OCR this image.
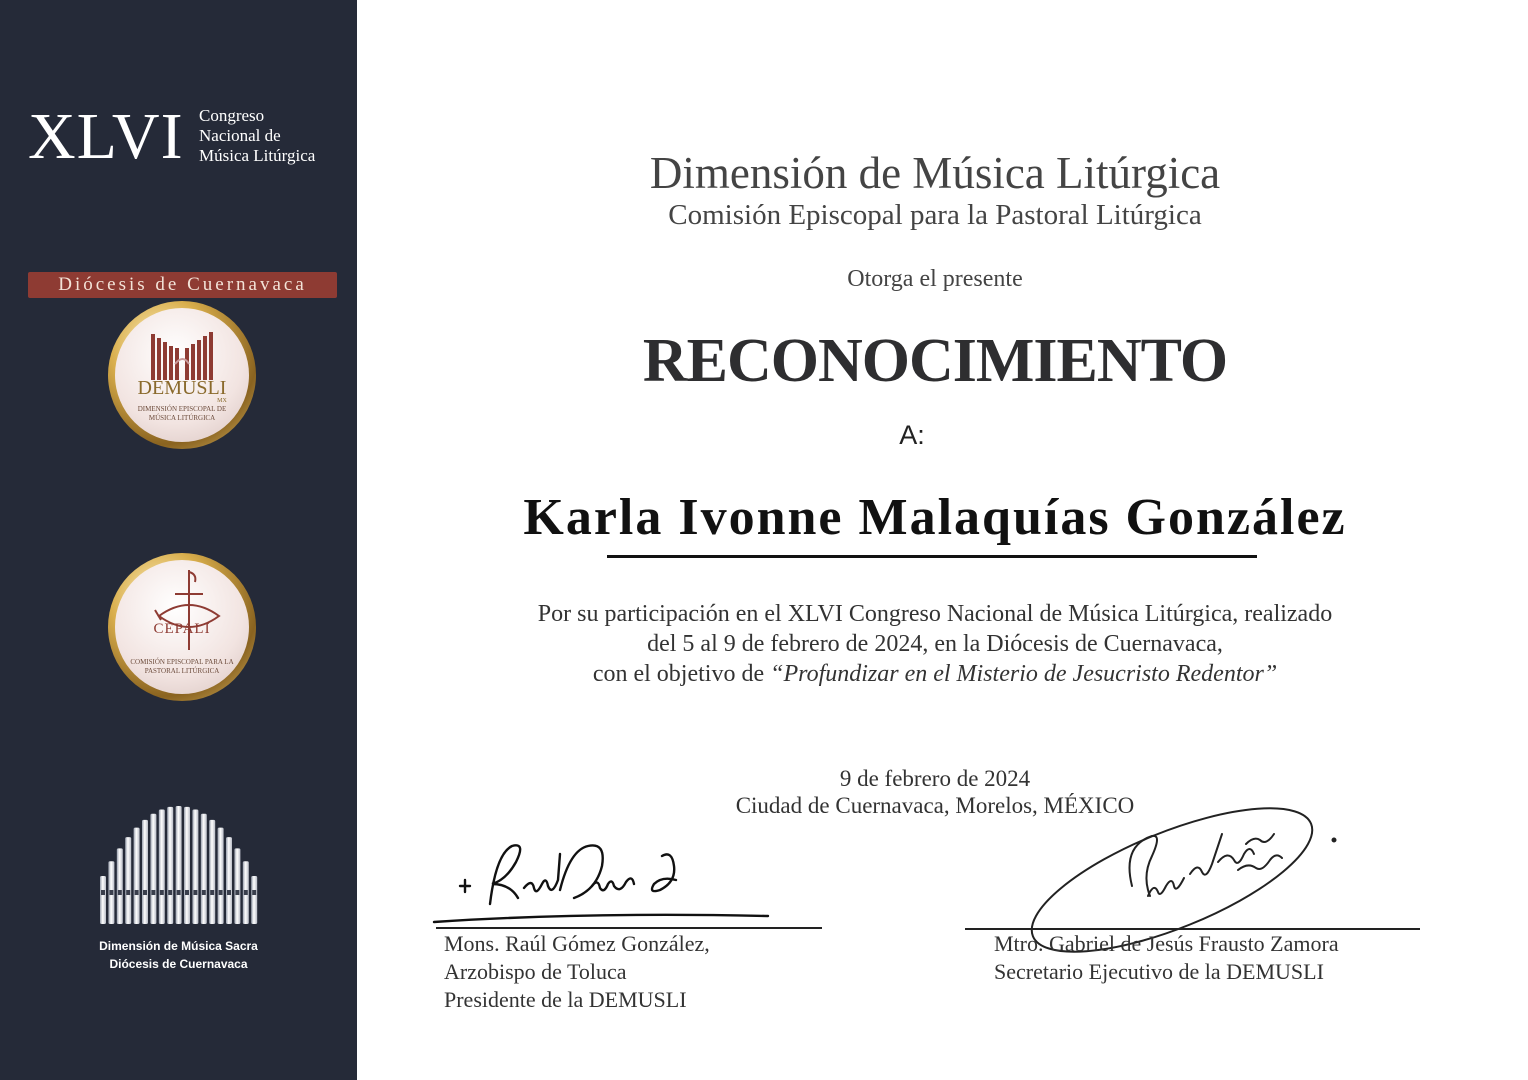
XLVI Congreso
Nacional de
Música Litúrgica
Diócesis de Cuernavaca
DEMUSLI
MX
DIMENSIÓN EPISCOPAL DE
MÚSICA LITÚRGICA
CEPALI
COMISIÓN EPISCOPAL PARA LA
PASTORAL LITÚRGICA
Dimensión de Música Sacra
Diócesis de Cuernavaca
Dimensión de Música Litúrgica
Comisión Episcopal para la Pastoral Litúrgica
Otorga el presente
RECONOCIMIENTO
A:
Karla Ivonne Malaquías González
Por su participación en el XLVI Congreso Nacional de Música Litúrgica, realizado
del 5 al 9 de febrero de 2024, en la Diócesis de Cuernavaca,
con el objetivo de “Profundizar en el Misterio de Jesucristo Redentor”
9 de febrero de 2024
Ciudad de Cuernavaca, Morelos, MÉXICO
Mons. Raúl Gómez González,
Arzobispo de Toluca
Presidente de la DEMUSLI
Mtro. Gabriel de Jesús Frausto Zamora
Secretario Ejecutivo de la DEMUSLI
